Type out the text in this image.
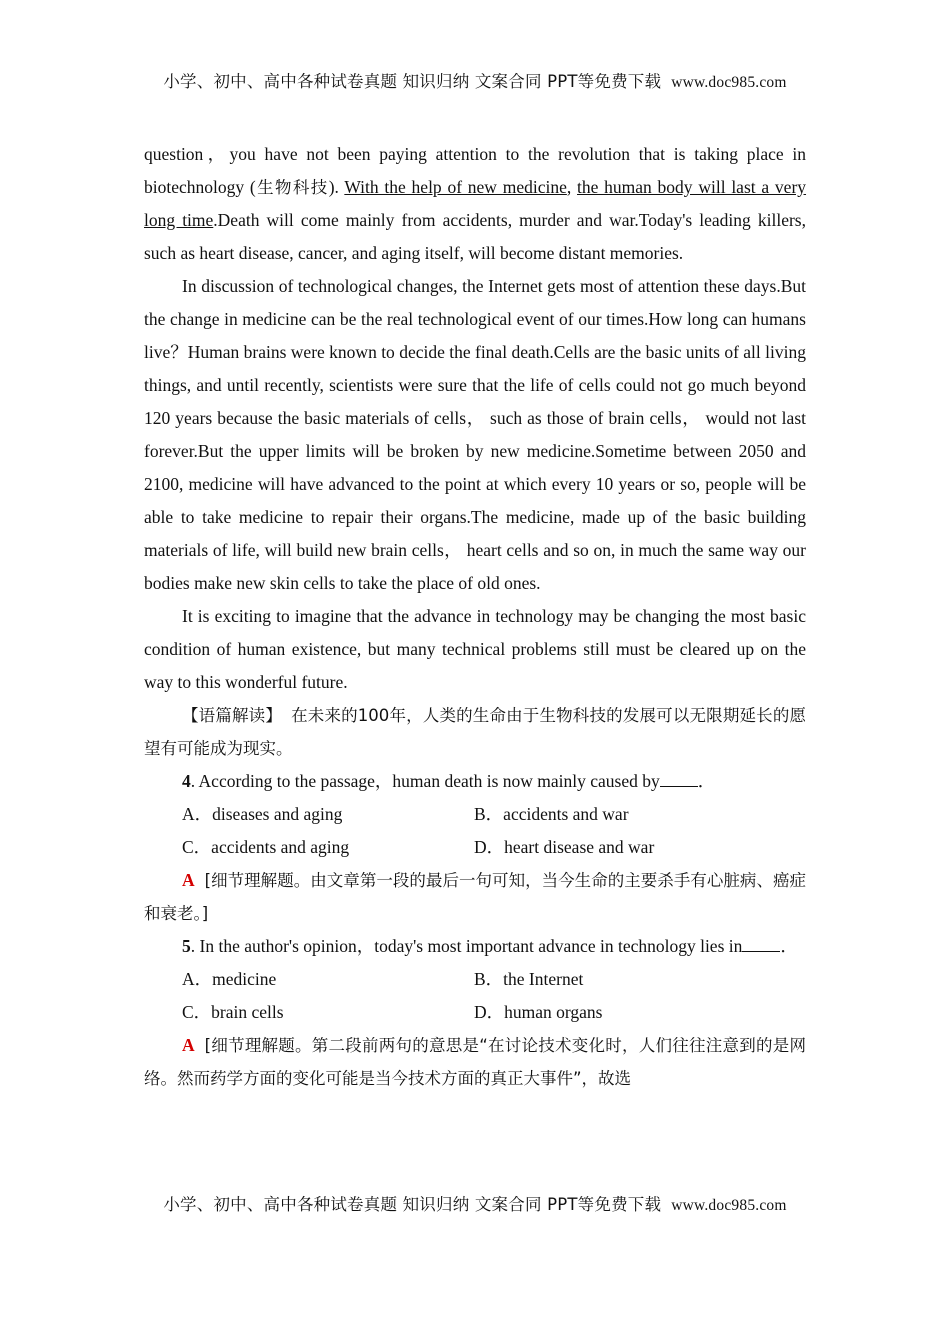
小学、初中、高中各种试卷真题 知识归纳 文案合同 PPT等免费下载 www.doc985.com

question，you have not been paying attention to the revolution that is taking place in biotechnology (生物科技). With the help of new medicine, the human body will last a very long time.Death will come mainly from accidents, murder and war.Today's leading killers, such as heart disease, cancer, and aging itself, will become distant memories.

In discussion of technological changes, the Internet gets most of attention these days.But the change in medicine can be the real technological event of our times.How long can humans live？Human brains were known to decide the final death.Cells are the basic units of all living things, and until recently, scientists were sure that the life of cells could not go much beyond 120 years because the basic materials of cells， such as those of brain cells， would not last forever.But the upper limits will be broken by new medicine.Sometime between 2050 and 2100, medicine will have advanced to the point at which every 10 years or so, people will be able to take medicine to repair their organs.The medicine, made up of the basic building materials of life, will build new brain cells， heart cells and so on, in much the same way our bodies make new skin cells to take the place of old ones.

It is exciting to imagine that the advance in technology may be changing the most basic condition of human existence, but many technical problems still must be cleared up on the way to this wonderful future.

【语篇解读】 在未来的100年，人类的生命由于生物科技的发展可以无限期延长的愿望有可能成为现实。

4. According to the passage，human death is now mainly caused by ．

A．diseases and aging	B．accidents and war
C．accidents and aging	D．heart disease and war

A [细节理解题。由文章第一段的最后一句可知，当今生命的主要杀手有心脏病、癌症和衰老。]

5. In the author's opinion，today's most important advance in technology lies in ．

A．medicine	B．the Internet
C．brain cells	D．human organs

A [细节理解题。第二段前两句的意思是“在讨论技术变化时，人们往往注意到的是网络。然而药学方面的变化可能是当今技术方面的真正大事件”，故选

小学、初中、高中各种试卷真题 知识归纳 文案合同 PPT等免费下载 www.doc985.com
